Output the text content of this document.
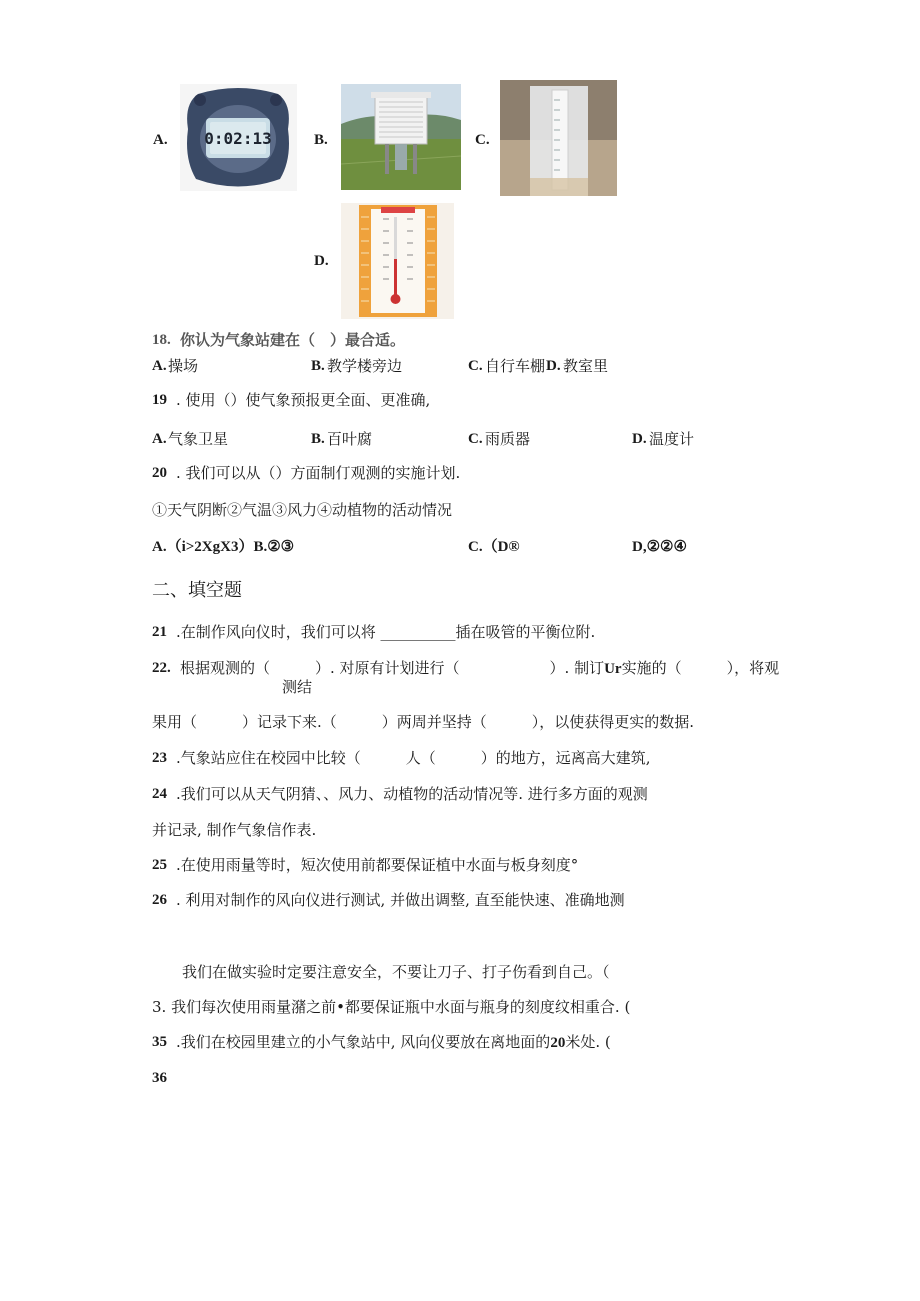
A. 0:02:13	B.	C.
D.
18. 你认为气象站建在（　）最合适。
A. 操场	B. 教学楼旁边	C. 自行车棚 D. 教室里
19 . 使用（）使气象预报更全面、更准确,
A. 气象卫星	B. 百叶腐	C. 雨质器	D. 温度计
20 . 我们可以从（）方面制仃观测的实施计划.
①天气阴断②气温③风力④动植物的活动情况
A.（i>2XgX3）B.②③	C.（D®	D,②②④
二、填空题
21 .在制作风向仪时，我们可以将 __________插在吸管的平衡位附.
22. 根据观测的（　　　）. 对原有计划进行（　　　　　　）. 制订Ur实施的（　　　），将观
测结
果用（　　　）记录下来.（　　　）两周并坚持（　　　），以使获得更实的数据.
23 .气象站应住在校园中比较（　　　人（　　　）的地方，远离高大建筑,
24 .我们可以从天气阴猜、、风力、动植物的活动情况等. 进行多方面的观测
并记录, 制作气象信作表.
25 .在使用雨量等时，短次使用前都要保证植中水面与板身刻度°
26 . 利用对制作的风向仪进行测试, 并做出调整, 直至能快速、准确地测
我们在做实验时定要注意安全，不要让刀子、打子伤看到自己。（
3. 我们每次使用雨量潴之前•都要保证瓶中水面与瓶身的刻度纹相重合. (
35 .我们在校园里建立的小气象站中, 风向仪要放在离地面的20米处. (
36
